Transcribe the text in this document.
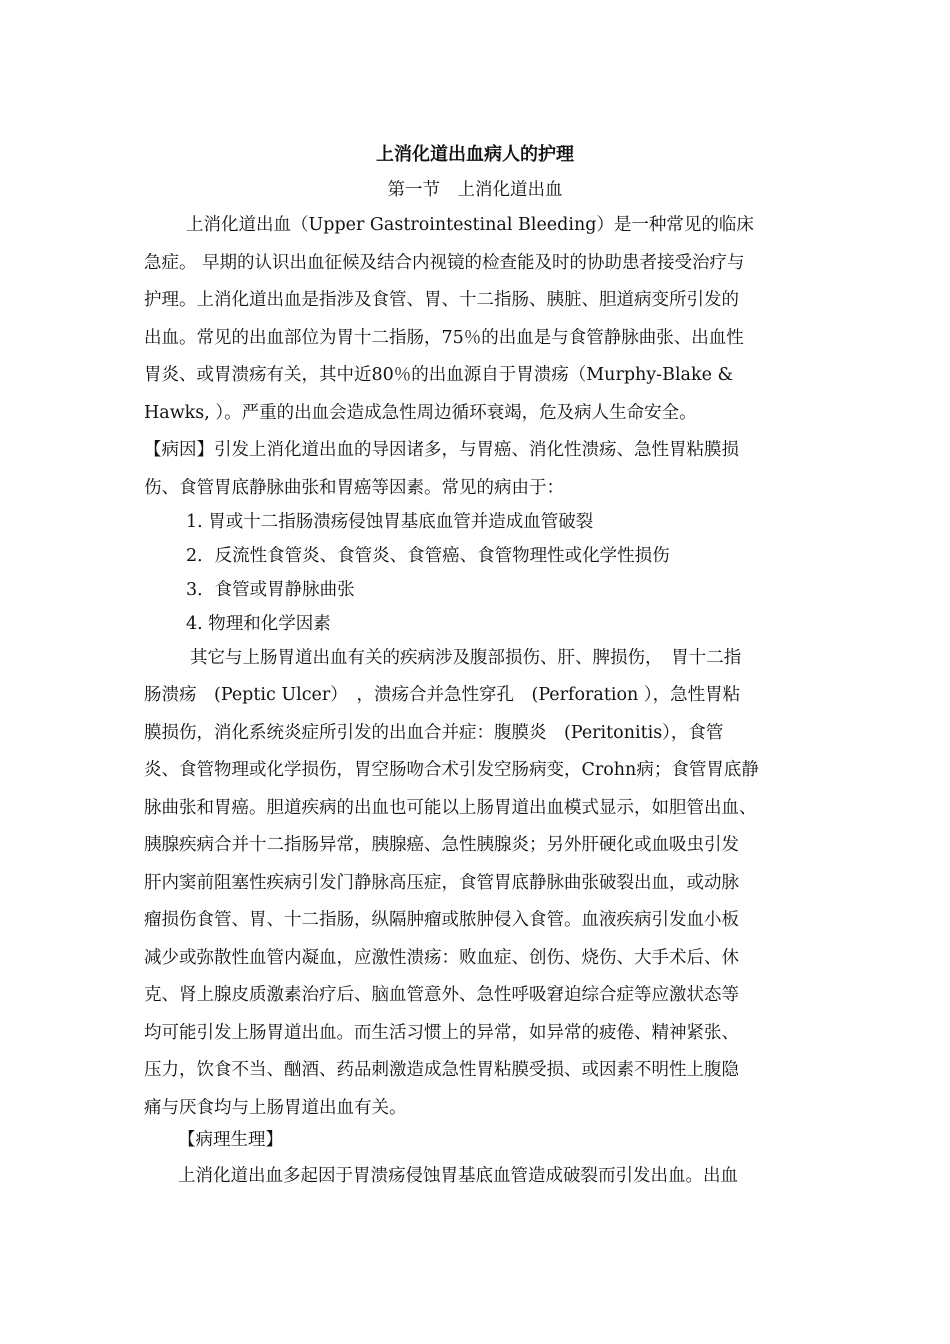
上消化道出血病人的护理
第一节　上消化道出血
上消化道出血（Upper Gastrointestinal Bleeding）是一种常见的临床
急症。 早期的认识出血征候及结合内视镜的检查能及时的协助患者接受治疗与
护理。上消化道出血是指涉及食管、胃、十二指肠、胰脏、胆道病变所引发的
出血。常见的出血部位为胃十二指肠，75％的出血是与食管静脉曲张、出血性
胃炎、或胃溃疡有关，其中近80％的出血源自于胃溃疡（Murphy-Blake &
Hawks, ）。严重的出血会造成急性周边循环衰竭，危及病人生命安全。
【病因】引发上消化道出血的导因诸多，与胃癌、消化性溃疡、急性胃粘膜损
伤、食管胃底静脉曲张和胃癌等因素。常见的病由于：
1. 胃或十二指肠溃疡侵蚀胃基底血管并造成血管破裂
2．反流性食管炎、食管炎、食管癌、食管物理性或化学性损伤
3．食管或胃静脉曲张
4. 物理和化学因素
其它与上肠胃道出血有关的疾病涉及腹部损伤、肝、脾损伤，　胃十二指
肠溃疡　(Peptic Ulcer）　，溃疡合并急性穿孔　(Perforation ），急性胃粘
膜损伤，消化系统炎症所引发的出血合并症：腹膜炎　(Peritonitis），食管
炎、食管物理或化学损伤，胃空肠吻合术引发空肠病变，Crohn病；食管胃底静
脉曲张和胃癌。胆道疾病的出血也可能以上肠胃道出血模式显示，如胆管出血、
胰腺疾病合并十二指肠异常，胰腺癌、急性胰腺炎；另外肝硬化或血吸虫引发
肝内窦前阻塞性疾病引发门静脉高压症，食管胃底静脉曲张破裂出血，或动脉
瘤损伤食管、胃、十二指肠，纵隔肿瘤或脓肿侵入食管。血液疾病引发血小板
减少或弥散性血管内凝血，应激性溃疡：败血症、创伤、烧伤、大手术后、休
克、肾上腺皮质激素治疗后、脑血管意外、急性呼吸窘迫综合症等应激状态等
均可能引发上肠胃道出血。而生活习惯上的异常，如异常的疲倦、精神紧张、
压力，饮食不当、酗酒、药品刺激造成急性胃粘膜受损、或因素不明性上腹隐
痛与厌食均与上肠胃道出血有关。
【病理生理】
上消化道出血多起因于胃溃疡侵蚀胃基底血管造成破裂而引发出血。出血
